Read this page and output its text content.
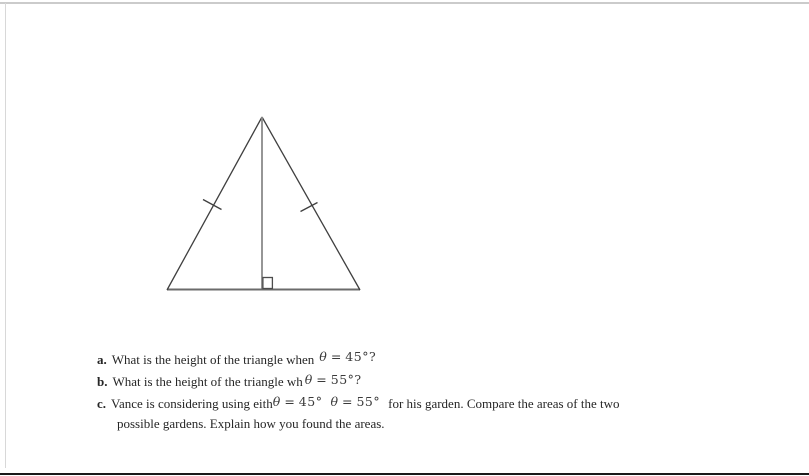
a. What is the height of the triangle when θ = 45°?

b. What is the height of the triangle wh θ = 55°?

c. Vance is considering using eithθ = 45° θ = 55° for his garden. Compare the areas of the two
possible gardens. Explain how you found the areas.
